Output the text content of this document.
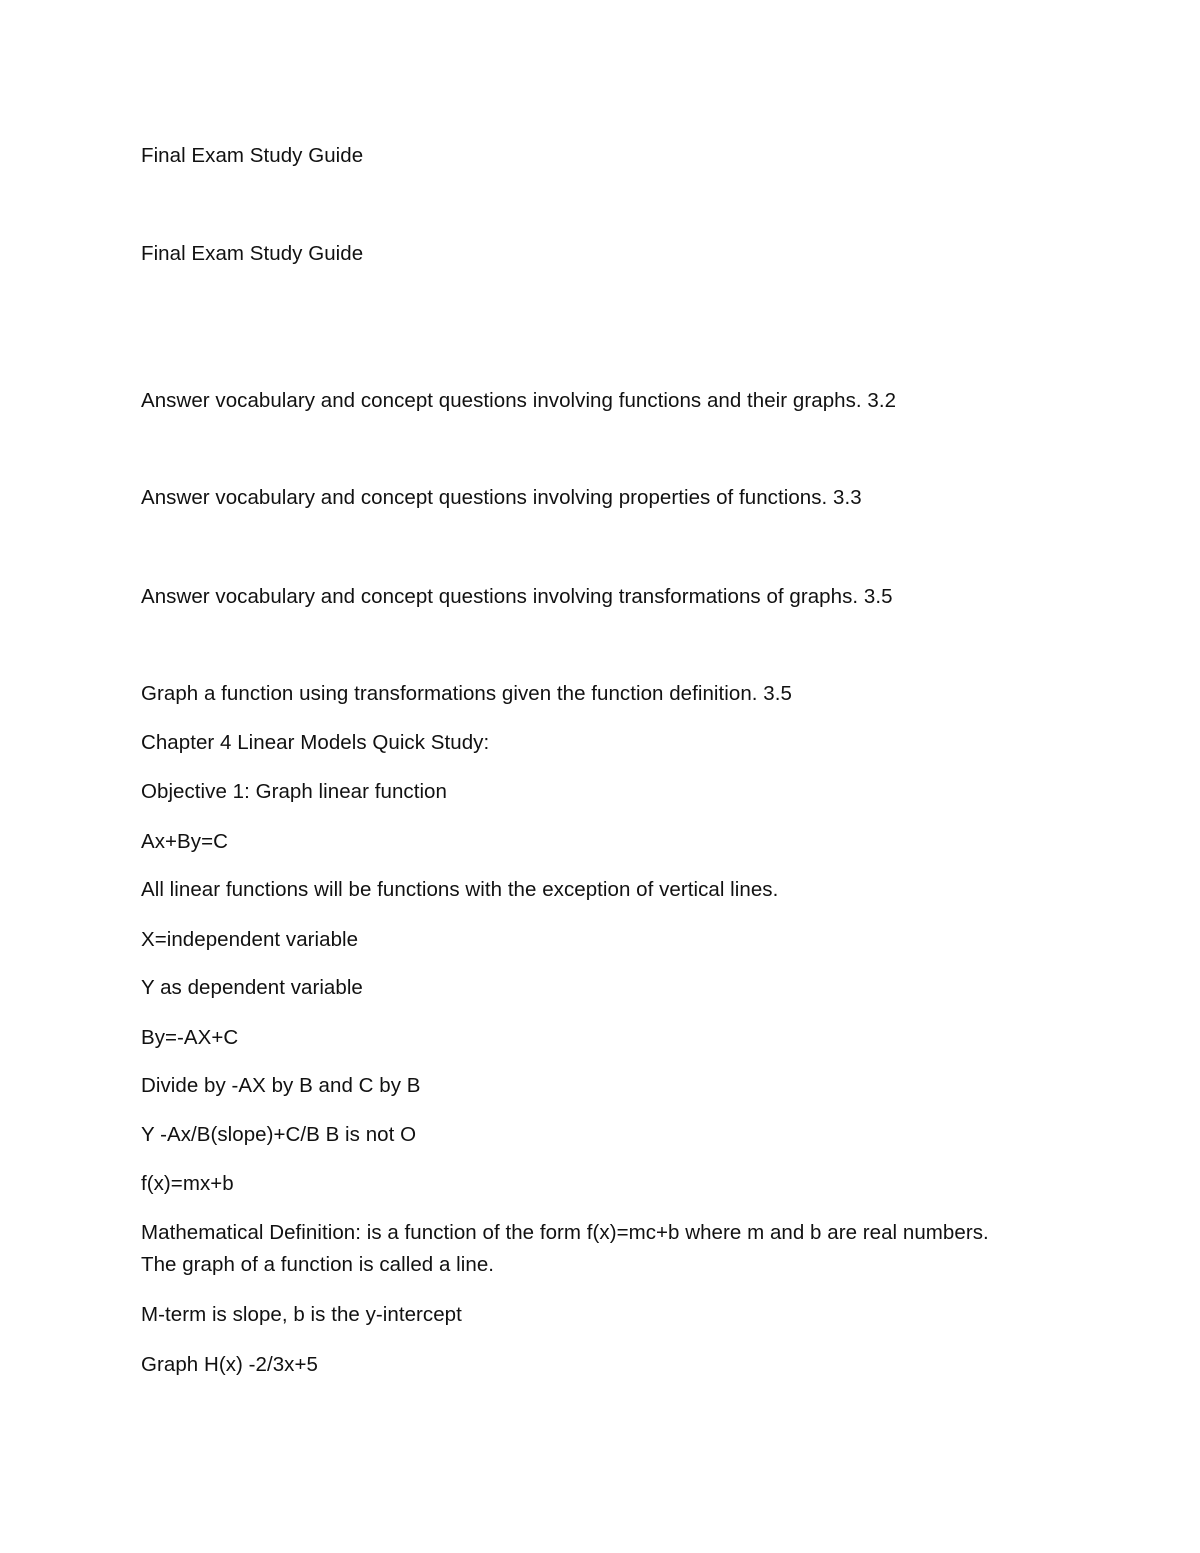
Final Exam Study Guide
Final Exam Study Guide
Answer vocabulary and concept questions involving functions and their graphs. 3.2
Answer vocabulary and concept questions involving properties of functions. 3.3
Answer vocabulary and concept questions involving transformations of graphs. 3.5
Graph a function using transformations given the function definition. 3.5
Chapter 4 Linear Models Quick Study:
Objective 1: Graph linear function
Ax+By=C
All linear functions will be functions with the exception of vertical lines.
X=independent variable
Y as dependent variable
By=-AX+C
Divide by -AX by B and C by B
Y -Ax/B(slope)+C/B B is not O
f(x)=mx+b
Mathematical Definition: is a function of the form f(x)=mc+b where m and b are real numbers. The graph of a function is called a line.
M-term is slope, b is the y-intercept
Graph H(x) -2/3x+5
